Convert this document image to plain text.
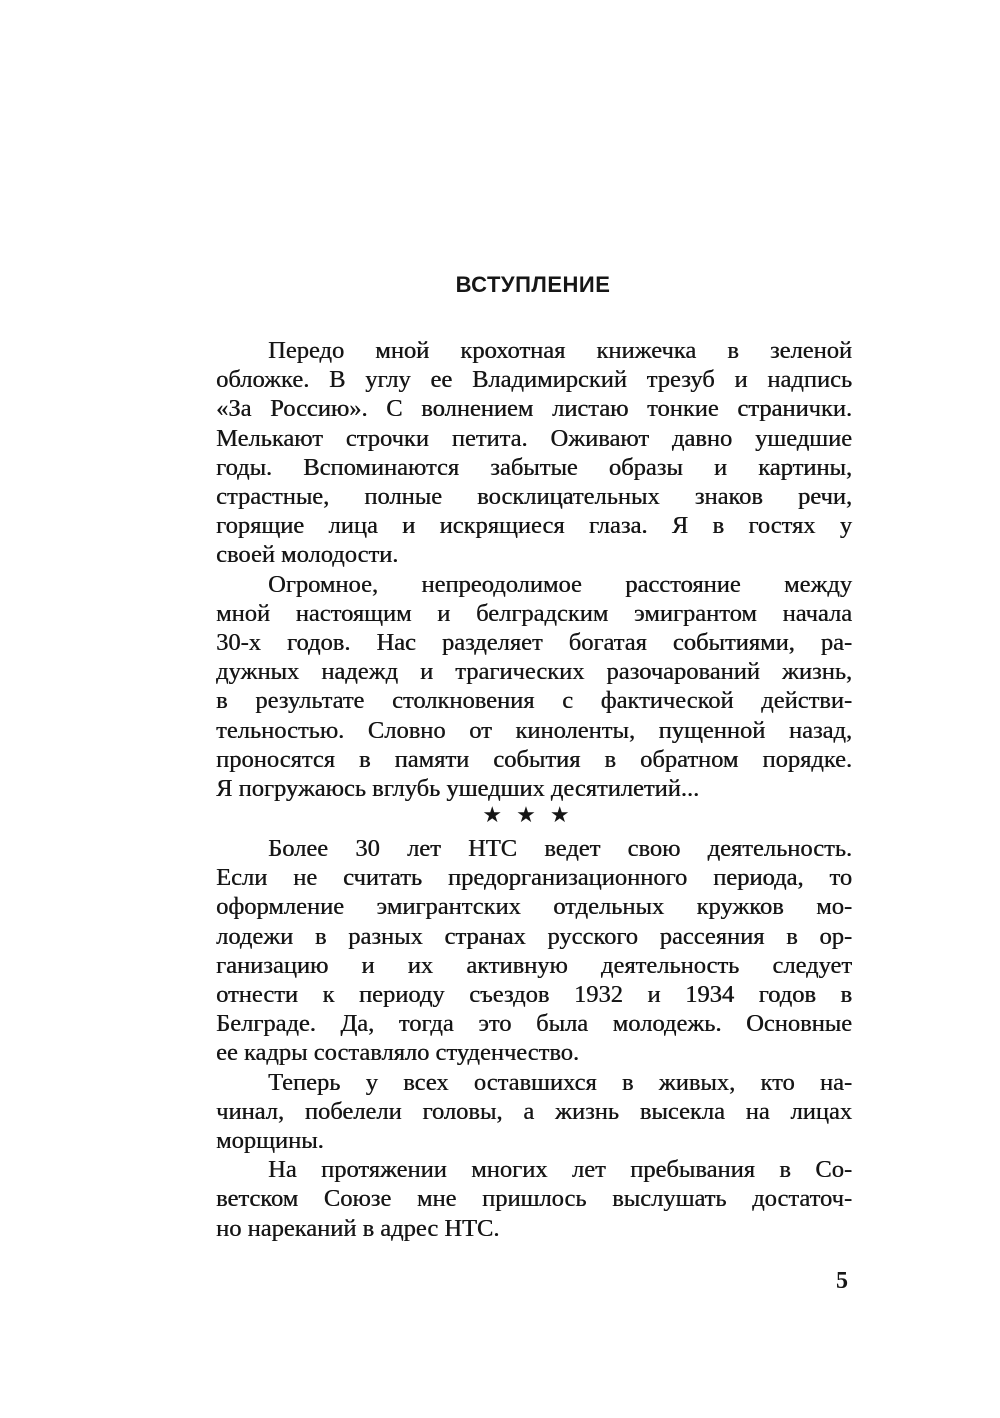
ВСТУПЛЕНИЕ
Передо мной крохотная книжечка в зеленой
обложке. В углу ее Владимирский трезуб и надпись
«За Россию». С волнением листаю тонкие странички.
Мелькают строчки петита. Оживают давно ушедшие
годы. Вспоминаются забытые образы и картины,
страстные, полные восклицательных знаков речи,
горящие лица и искрящиеся глаза. Я в гостях у
своей молодости.
Огромное, непреодолимое расстояние между
мной настоящим и белградским эмигрантом начала
30-х годов. Нас разделяет богатая событиями, ра-
дужных надежд и трагических разочарований жизнь,
в результате столкновения с фактической действи-
тельностью. Словно от киноленты, пущенной назад,
проносятся в памяти события в обратном порядке.
Я погружаюсь вглубь ушедших десятилетий...
Более 30 лет НТС ведет свою деятельность.
Если не считать предорганизационного периода, то
оформление эмигрантских отдельных кружков мо-
лодежи в разных странах русского рассеяния в ор-
ганизацию и их активную деятельность следует
отнести к периоду съездов 1932 и 1934 годов в
Белграде. Да, тогда это была молодежь. Основные
ее кадры составляло студенчество.
Теперь у всех оставшихся в живых, кто на-
чинал, побелели головы, а жизнь высекла на лицах
морщины.
На протяжении многих лет пребывания в Со-
ветском Союзе мне пришлось выслушать достаточ-
но нареканий в адрес НТС.
★★★
5
